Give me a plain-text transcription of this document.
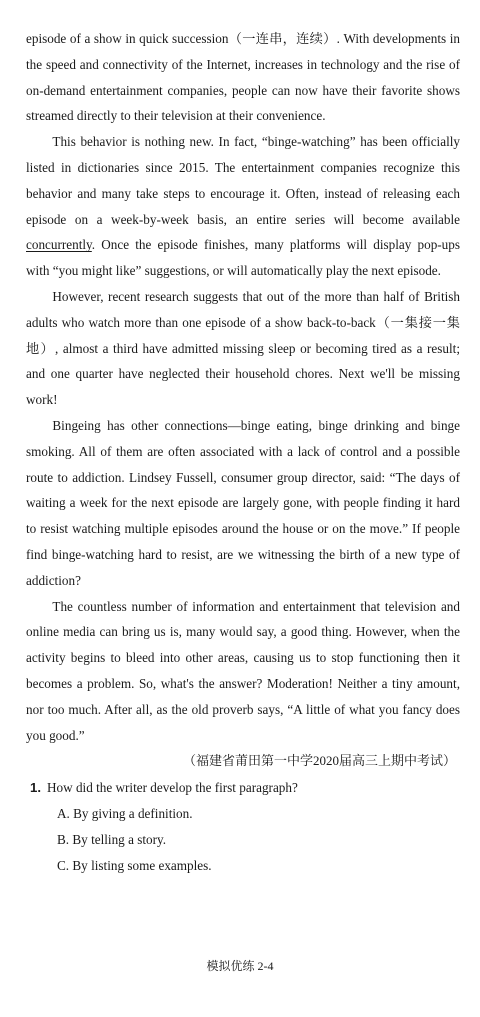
episode of a show in quick succession（一连串，连续）. With developments in the speed and connectivity of the Internet, increases in technology and the rise of on-demand entertainment companies, people can now have their favorite shows streamed directly to their television at their convenience.

This behavior is nothing new. In fact, “binge-watching” has been officially listed in dictionaries since 2015. The entertainment companies recognize this behavior and many take steps to encourage it. Often, instead of releasing each episode on a week-by-week basis, an entire series will become available concurrently. Once the episode finishes, many platforms will display pop-ups with “you might like” suggestions, or will automatically play the next episode.

However, recent research suggests that out of the more than half of British adults who watch more than one episode of a show back-to-back（一集接一集地）, almost a third have admitted missing sleep or becoming tired as a result; and one quarter have neglected their household chores. Next we'll be missing work!

Bingeing has other connections—binge eating, binge drinking and binge smoking. All of them are often associated with a lack of control and a possible route to addiction. Lindsey Fussell, consumer group director, said: “The days of waiting a week for the next episode are largely gone, with people finding it hard to resist watching multiple episodes around the house or on the move.” If people find binge-watching hard to resist, are we witnessing the birth of a new type of addiction?

The countless number of information and entertainment that television and online media can bring us is, many would say, a good thing. However, when the activity begins to bleed into other areas, causing us to stop functioning then it becomes a problem. So, what's the answer? Moderation! Neither a tiny amount, nor too much. After all, as the old proverb says, “A little of what you fancy does you good.”

（福建省莆田第一中学2020届高三上期中考试）

1. How did the writer develop the first paragraph?

A. By giving a definition.
B. By telling a story.
C. By listing some examples.
模拟优练 2-4
